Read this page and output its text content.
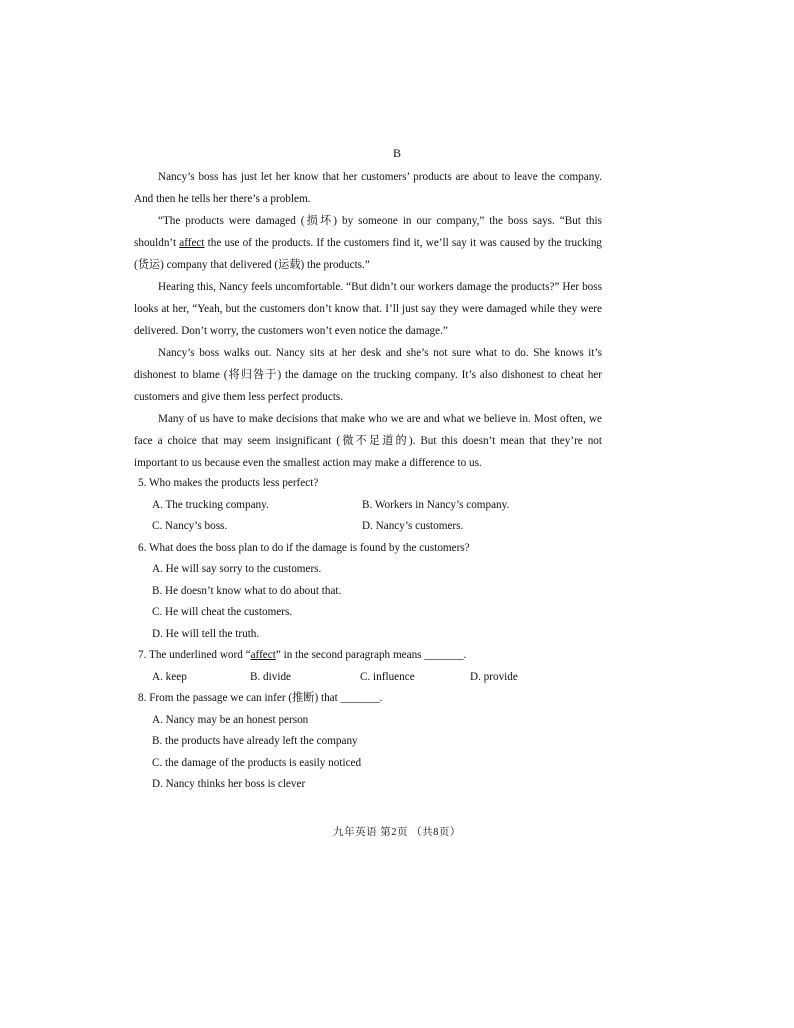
B

Nancy’s boss has just let her know that her customers’ products are about to leave the company. And then he tells her there’s a problem.

“The products were damaged (损坏) by someone in our company,” the boss says. “But this shouldn’t affect the use of the products. If the customers find it, we’ll say it was caused by the trucking (货运) company that delivered (运载) the products.”

Hearing this, Nancy feels uncomfortable. “But didn’t our workers damage the products?” Her boss looks at her, “Yeah, but the customers don’t know that. I’ll just say they were damaged while they were delivered. Don’t worry, the customers won’t even notice the damage.”

Nancy’s boss walks out. Nancy sits at her desk and she’s not sure what to do. She knows it’s dishonest to blame (将归咎于) the damage on the trucking company. It’s also dishonest to cheat her customers and give them less perfect products.

Many of us have to make decisions that make who we are and what we believe in. Most often, we face a choice that may seem insignificant (微不足道的). But this doesn’t mean that they’re not important to us because even the smallest action may make a difference to us.

5. Who makes the products less perfect?

A. The trucking company.	B. Workers in Nancy’s company.
C. Nancy’s boss.	D. Nancy’s customers.

6. What does the boss plan to do if the damage is found by the customers?

A. He will say sorry to the customers.
B. He doesn’t know what to do about that.
C. He will cheat the customers.
D. He will tell the truth.

7. The underlined word “affect” in the second paragraph means _______.

A. keep	B. divide	C. influence	D. provide

8. From the passage we can infer (推断) that _______.

A. Nancy may be an honest person
B. the products have already left the company
C. the damage of the products is easily noticed
D. Nancy thinks her boss is clever
九年英语 第2页 （共8页）
